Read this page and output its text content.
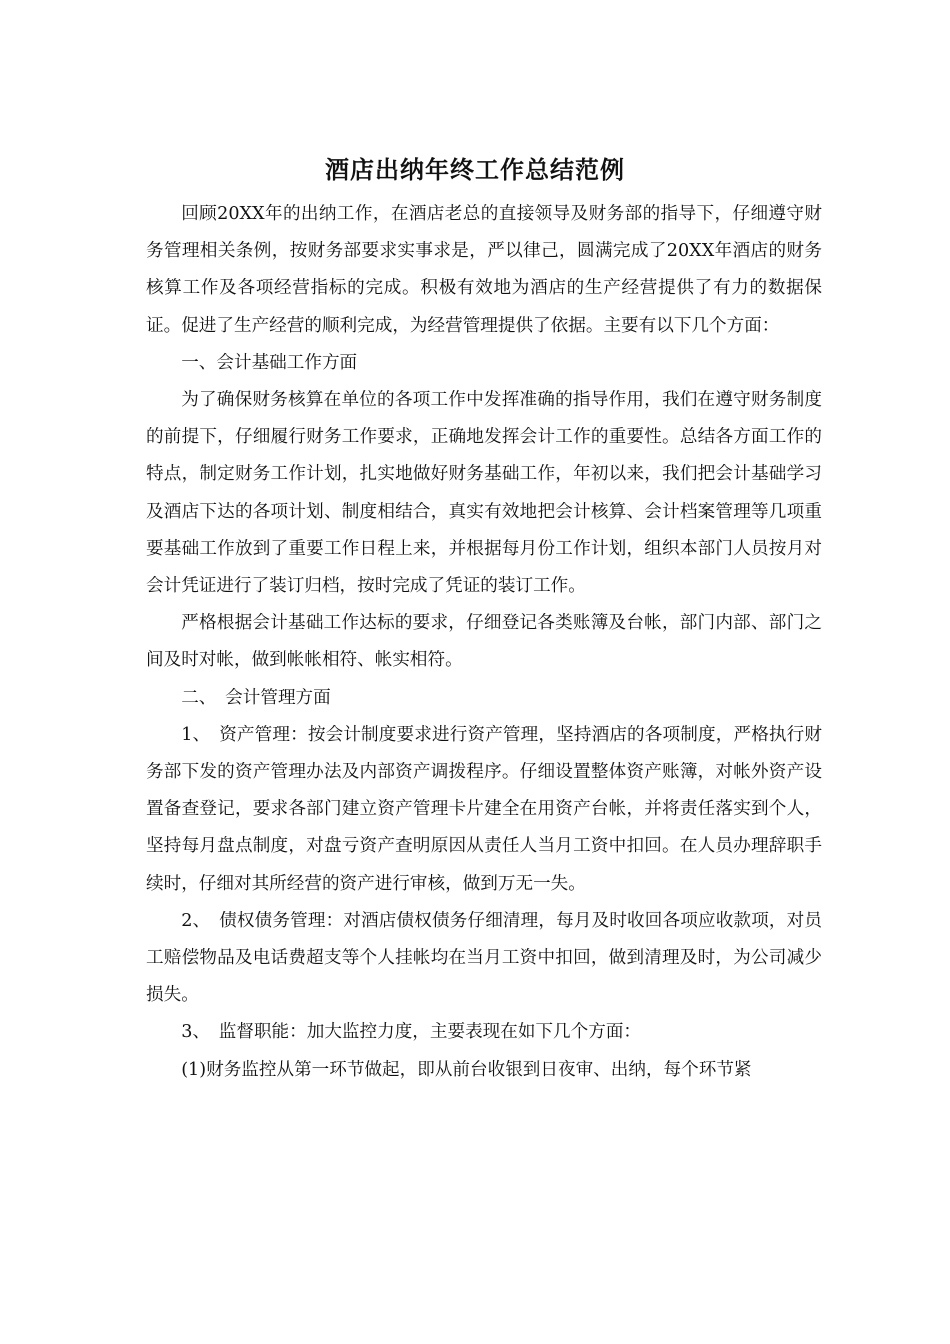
酒店出纳年终工作总结范例

回顾20XX年的出纳工作，在酒店老总的直接领导及财务部的指导下，仔细遵守财务管理相关条例，按财务部要求实事求是，严以律己，圆满完成了20XX年酒店的财务核算工作及各项经营指标的完成。积极有效地为酒店的生产经营提供了有力的数据保证。促进了生产经营的顺利完成，为经营管理提供了依据。主要有以下几个方面：

一、会计基础工作方面

为了确保财务核算在单位的各项工作中发挥准确的指导作用，我们在遵守财务制度的前提下，仔细履行财务工作要求，正确地发挥会计工作的重要性。总结各方面工作的特点，制定财务工作计划，扎实地做好财务基础工作，年初以来，我们把会计基础学习及酒店下达的各项计划、制度相结合，真实有效地把会计核算、会计档案管理等几项重要基础工作放到了重要工作日程上来，并根据每月份工作计划，组织本部门人员按月对会计凭证进行了装订归档，按时完成了凭证的装订工作。

严格根据会计基础工作达标的要求，仔细登记各类账簿及台帐，部门内部、部门之间及时对帐，做到帐帐相符、帐实相符。

二、　会计管理方面

1、　资产管理：按会计制度要求进行资产管理，坚持酒店的各项制度，严格执行财务部下发的资产管理办法及内部资产调拨程序。仔细设置整体资产账簿，对帐外资产设置备查登记，要求各部门建立资产管理卡片建全在用资产台帐，并将责任落实到个人，坚持每月盘点制度，对盘亏资产查明原因从责任人当月工资中扣回。在人员办理辞职手续时，仔细对其所经营的资产进行审核，做到万无一失。

2、　债权债务管理：对酒店债权债务仔细清理，每月及时收回各项应收款项，对员工赔偿物品及电话费超支等个人挂帐均在当月工资中扣回，做到清理及时，为公司减少损失。

3、　监督职能：加大监控力度，主要表现在如下几个方面：

(1)财务监控从第一环节做起，即从前台收银到日夜审、出纳，每个环节紧
